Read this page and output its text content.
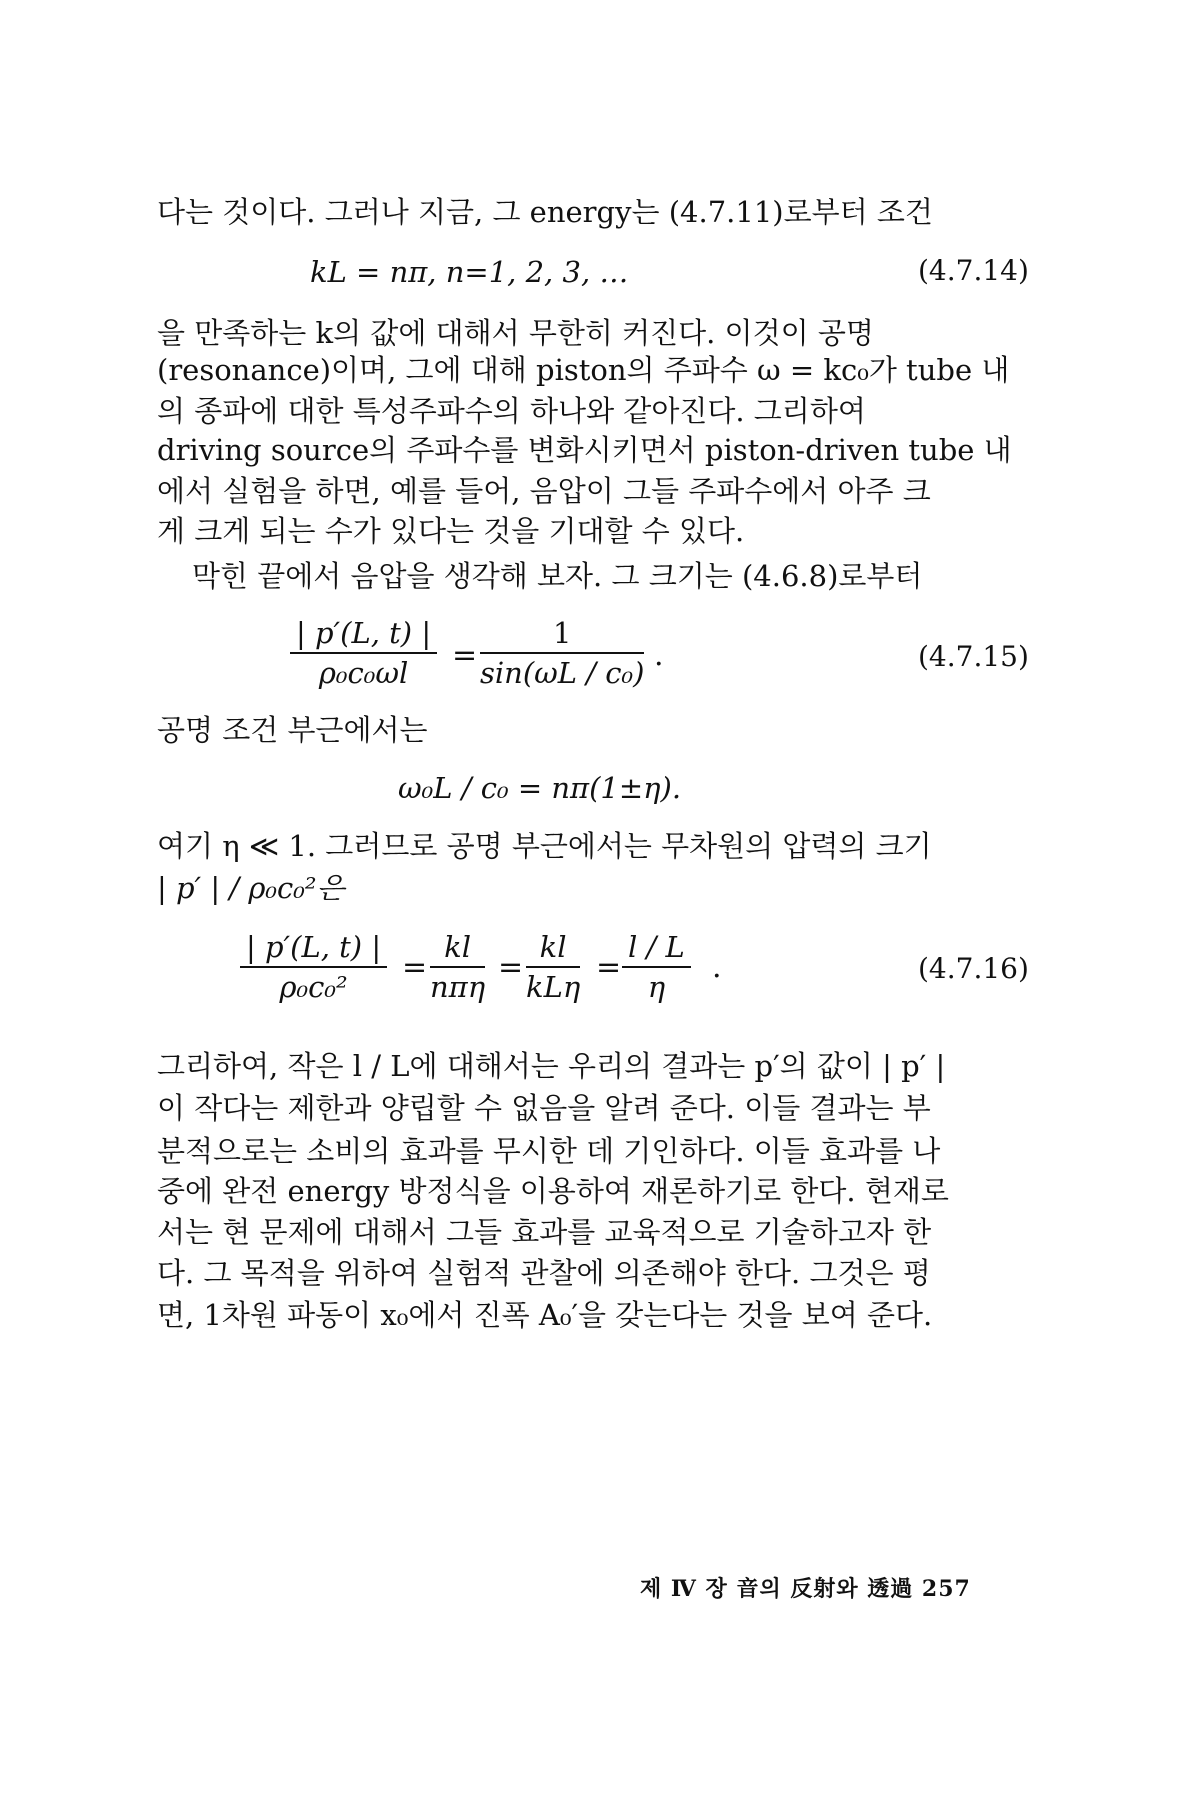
다는 것이다. 그러나 지금, 그 energy는 (4.7.11)로부터 조건
kL = nπ, n=1, 2, 3, …	(4.7.14)
을 만족하는 k의 값에 대해서 무한히 커진다. 이것이 공명
(resonance)이며, 그에 대해 piston의 주파수 ω = kc₀가 tube 내
의 종파에 대한 특성주파수의 하나와 같아진다. 그리하여
driving source의 주파수를 변화시키면서 piston-driven tube 내
에서 실험을 하면, 예를 들어, 음압이 그들 주파수에서 아주 크
게 크게 되는 수가 있다는 것을 기대할 수 있다.
막힌 끝에서 음압을 생각해 보자. 그 크기는 (4.6.8)로부터
| p′(L, t) |
ρ₀c₀ωl =
1
sin(ωL / c₀) .	(4.7.15)
공명 조건 부근에서는
ω₀L / c₀ = nπ(1±η).
여기 η ≪ 1. 그러므로 공명 부근에서는 무차원의 압력의 크기
| p′ | / ρ₀c₀²은
| p′(L, t) |
ρ₀c₀²
=
kl
nπη
=
kl
kLη
=
l / L
η
.	(4.7.16)
그리하여, 작은 l / L에 대해서는 우리의 결과는 p′의 값이 | p′ |
이 작다는 제한과 양립할 수 없음을 알려 준다. 이들 결과는 부
분적으로는 소비의 효과를 무시한 데 기인하다. 이들 효과를 나
중에 완전 energy 방정식을 이용하여 재론하기로 한다. 현재로
서는 현 문제에 대해서 그들 효과를 교육적으로 기술하고자 한
다. 그 목적을 위하여 실험적 관찰에 의존해야 한다. 그것은 평
면, 1차원 파동이 x₀에서 진폭 A₀′을 갖는다는 것을 보여 준다.
제 Ⅳ 장 音의 反射와 透過 257
